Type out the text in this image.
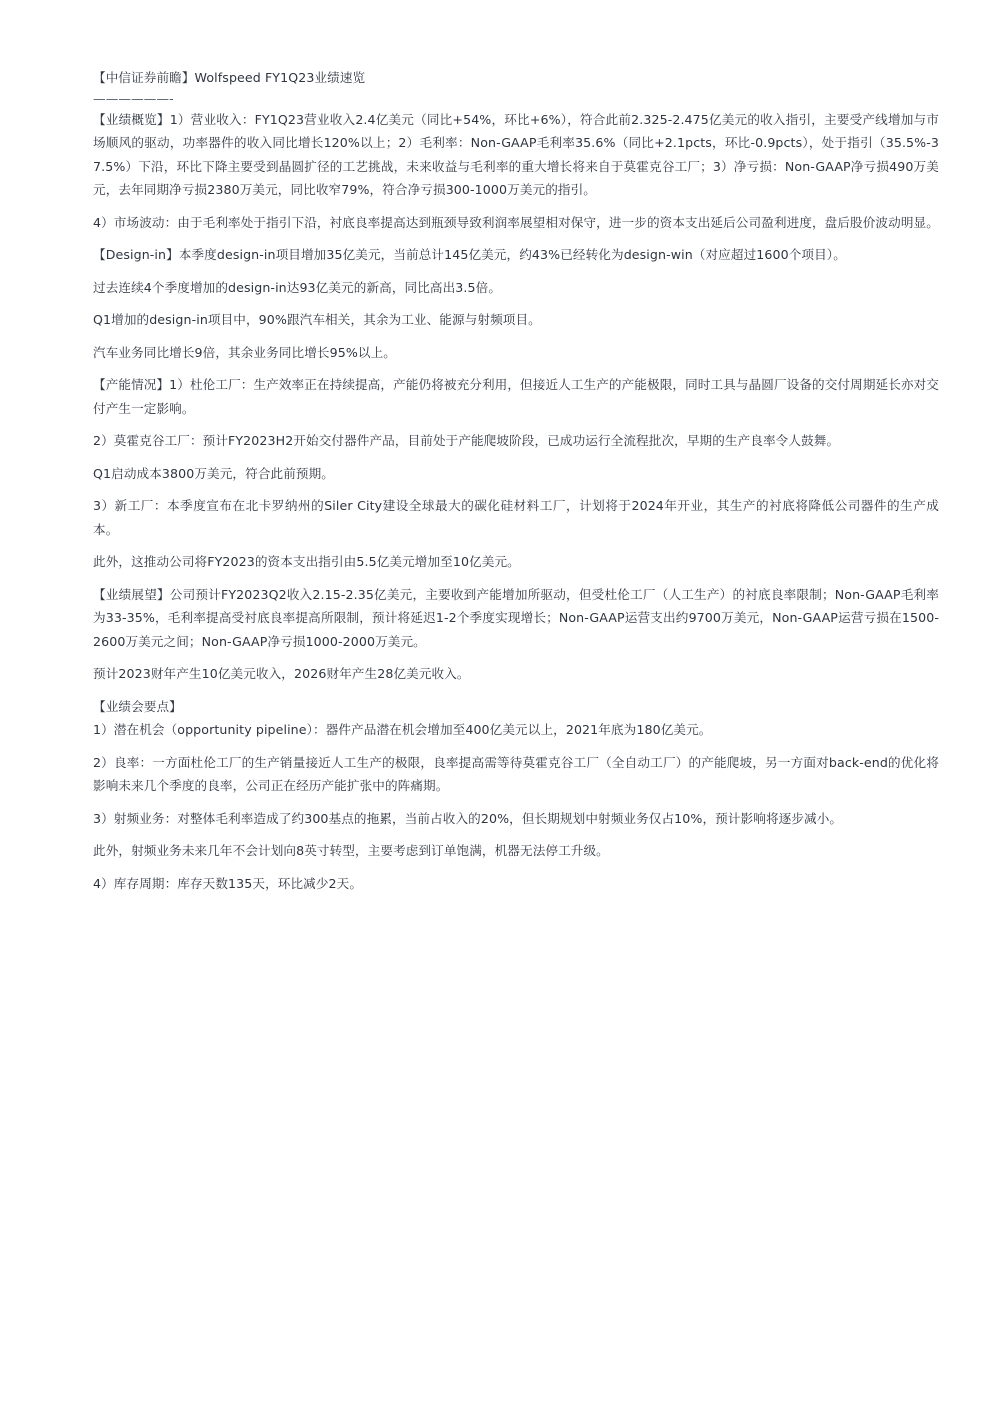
【中信证券前瞻】Wolfspeed FY1Q23业绩速览
——————-
【业绩概览】1）营业收入：FY1Q23营业收入2.4亿美元（同比+54%，环比+6%），符合此前2.325-2.475亿美元的收入指引，主要受产线增加与市场顺风的驱动，功率器件的收入同比增长120%以上；2）毛利率：Non-GAAP毛利率35.6%（同比+2.1pcts，环比-0.9pcts），处于指引（35.5%-37.5%）下沿，环比下降主要受到晶圆扩径的工艺挑战，未来收益与毛利率的重大增长将来自于莫霍克谷工厂；3）净亏损：Non-GAAP净亏损490万美元，去年同期净亏损2380万美元，同比收窄79%，符合净亏损300-1000万美元的指引。
4）市场波动：由于毛利率处于指引下沿，衬底良率提高达到瓶颈导致利润率展望相对保守，进一步的资本支出延后公司盈利进度，盘后股价波动明显。
【Design-in】本季度design-in项目增加35亿美元，当前总计145亿美元，约43%已经转化为design-win（对应超过1600个项目）。
过去连续4个季度增加的design-in达93亿美元的新高，同比高出3.5倍。
Q1增加的design-in项目中，90%跟汽车相关，其余为工业、能源与射频项目。
汽车业务同比增长9倍，其余业务同比增长95%以上。
【产能情况】1）杜伦工厂：生产效率正在持续提高，产能仍将被充分利用，但接近人工生产的产能极限，同时工具与晶圆厂设备的交付周期延长亦对交付产生一定影响。
2）莫霍克谷工厂：预计FY2023H2开始交付器件产品，目前处于产能爬坡阶段，已成功运行全流程批次，早期的生产良率令人鼓舞。
Q1启动成本3800万美元，符合此前预期。
3）新工厂：本季度宣布在北卡罗纳州的Siler City建设全球最大的碳化硅材料工厂，计划将于2024年开业，其生产的衬底将降低公司器件的生产成本。
此外，这推动公司将FY2023的资本支出指引由5.5亿美元增加至10亿美元。
【业绩展望】公司预计FY2023Q2收入2.15-2.35亿美元，主要收到产能增加所驱动，但受杜伦工厂（人工生产）的衬底良率限制；Non-GAAP毛利率为33-35%，毛利率提高受衬底良率提高所限制，预计将延迟1-2个季度实现增长；Non-GAAP运营支出约9700万美元，Non-GAAP运营亏损在1500-2600万美元之间；Non-GAAP净亏损1000-2000万美元。
预计2023财年产生10亿美元收入，2026财年产生28亿美元收入。
【业绩会要点】
1）潜在机会（opportunity pipeline）：器件产品潜在机会增加至400亿美元以上，2021年底为180亿美元。
2）良率：一方面杜伦工厂的生产销量接近人工生产的极限，良率提高需等待莫霍克谷工厂（全自动工厂）的产能爬坡，另一方面对back-end的优化将影响未来几个季度的良率，公司正在经历产能扩张中的阵痛期。
3）射频业务：对整体毛利率造成了约300基点的拖累，当前占收入的20%，但长期规划中射频业务仅占10%，预计影响将逐步减小。
此外，射频业务未来几年不会计划向8英寸转型，主要考虑到订单饱满，机器无法停工升级。
4）库存周期：库存天数135天，环比减少2天。
